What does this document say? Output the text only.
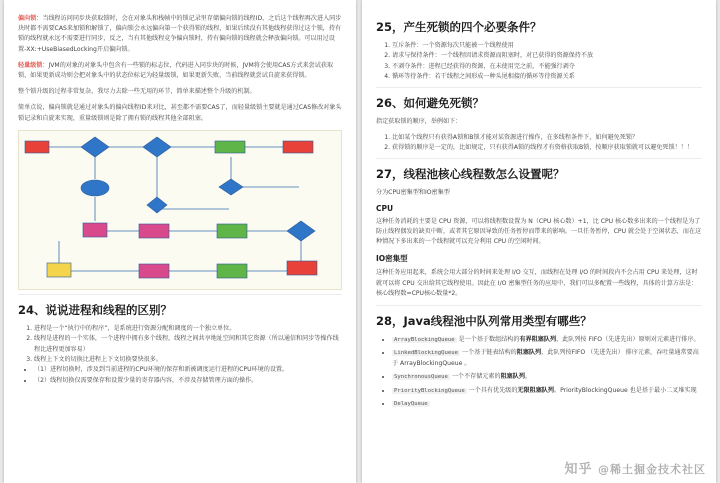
偏向锁：当线程访问同步块获取锁时，会在对象头和栈帧中的锁记录里存储偏向锁的线程ID，之后这个线程再次进入同步块时都不需要CAS来加锁和解锁了，偏向锁会永远偏向第一个获得锁的线程，如果后续没有其他线程获得过这个锁，持有锁的线程就永远不需要进行同步，反之，当有其他线程竞争偏向锁时，持有偏向锁的线程就会释放偏向锁。可以用过设置-XX:+UseBiasedLocking开启偏向锁。

轻量级锁：JVM的对象的对象头中包含有一些锁的标志位，代码进入同步块的时候，JVM将会使用CAS方式来尝试获取锁，如果更新成功则会把对象头中的状态位标记为轻量级锁，如果更新失败，当前线程就尝试自旋来获得锁。

整个锁升级的过程非常复杂，我尽力去除一些无用的环节，简单来描述整个升级的机制。

简单点说，偏向锁就是通过对象头的偏向线程ID来对比，甚至都不需要CAS了，而轻量级锁主要就是通过CAS修改对象头锁记录和自旋来实现，重量级锁则是除了拥有锁的线程其他全部阻塞。

24、说说进程和线程的区别？
1. 进程是一个“执行中的程序”，是系统进行资源分配和调度的一个独立单位。
2. 线程是进程的一个实体，一个进程中拥有多个线程，线程之间共享地址空间和其它资源（所以通信和同步等操作线程比进程更加容易）
3. 线程上下文的切换比进程上下文切换要快很多。
• （1）进程切换时，涉及到当前进程的CPU环境的保存和新被调度运行进程的CPU环境的设置。
• （2）线程切换仅需要保存和设置少量的寄存器内容，不涉及存储管理方面的操作。
25，产生死锁的四个必要条件？
1. 互斥条件：一个资源每次只能被一个线程使用
2. 请求与保持条件：一个线程因请求资源而阻塞时，对已获得的资源保持不放
3. 不剥夺条件：进程已经获得的资源，在未使用完之前，不能强行剥夺
4. 循环等待条件：若干线程之间形成一种头尾相接的循环等待资源关系
26、如何避免死锁？

指定获取锁的顺序，举例如下：

1. 比如某个线程只有获得A锁和B锁才能对某资源进行操作，在多线程条件下，如何避免死锁？
2. 获得锁的顺序是一定的，比如规定，只有获得A锁的线程才有资格获取B锁，按顺序获取锁就可以避免死锁！！！
27，线程池核心线程数怎么设置呢？

分为CPU密集型和IO密集型

CPU

这种任务消耗的主要是 CPU 资源，可以将线程数设置为 N（CPU 核心数）+1，比 CPU 核心数多出来的一个线程是为了防止线程偶发的缺页中断，或者其它原因导致的任务暂停而带来的影响。一旦任务暂停，CPU 就会处于空闲状态，而在这种情况下多出来的一个线程就可以充分利用 CPU 的空闲时间。

IO密集型

这种任务应用起来，系统会用大部分的时间来处理 I/O 交互，而线程在处理 I/O 的时间段内不会占用 CPU 来处理，这时就可以将 CPU 交出给其它线程使用。因此在 I/O 密集型任务的应用中，我们可以多配置一些线程，具体的计算方法是： 核心线程数=CPU核心数量*2。

28，Java线程池中队列常用类型有哪些？
• ArrayBlockingQueue 是一个基于数组结构的有界阻塞队列，此队列按 FIFO（先进先出）原则对元素进行排序。
• LinkedBlockingQueue 一个基于链表结构的阻塞队列，此队列按FIFO （先进先出） 排序元素，吞吐量通常要高于 ArrayBlockingQueue 。
• SynchronousQueue 一个不存储元素的阻塞队列。
• PriorityBlockingQueue 一个具有优先级的无限阻塞队列。PriorityBlockingQueue 也是基于最小二叉堆实现
• DelayQueue
知乎 @稀土掘金技术社区
